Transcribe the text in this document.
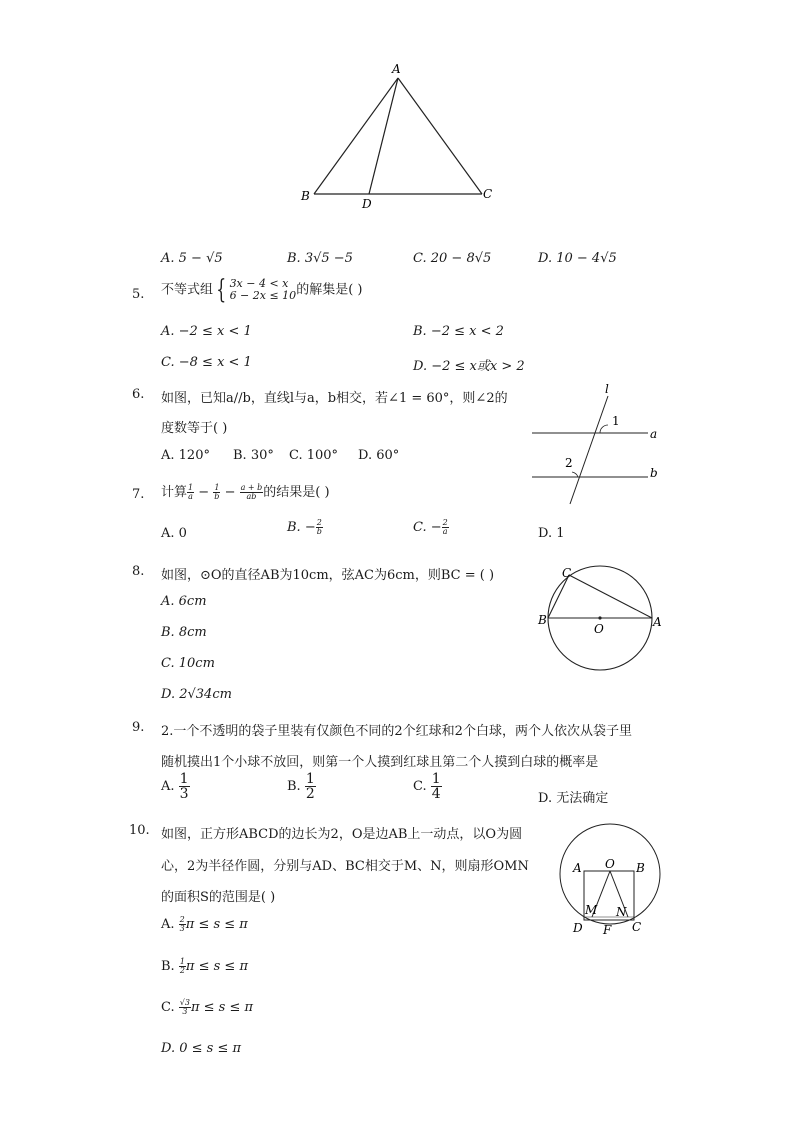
A
B	C
D
A. 5 − √5	B. 3√5 −5	C. 20 − 8√5	D. 10 − 4√5
5. 不等式组 { 3x − 4 < x
6 − 2x ≤ 10 的解集是( )
A. −2 ≤ x < 1	B. −2 ≤ x < 2
C. −8 ≤ x < 1	D. −2 ≤ x或x > 2
6. 如图，已知a//b，直线l与a，b相交，若∠1 = 60°，则∠2的
度数等于( )
A. 120° B. 30° C. 100° D. 60°
l
1
a
2
b
7. 计算 $\frac{1}{a} - \frac{1}{b} - \frac{a + b}{ab}$ 的结果是( )
A. 0	B. − $\frac{2}{b}$	C. − $\frac{2}{a}$	D. 1
8. 如图，⊙O的直径AB为10cm，弦AC为6cm，则BC = ( )
A. 6cm
B. 8cm
C. 10cm
D. 2√34cm
C
B
O	A
9. 2.一个不透明的袋子里装有仅颜色不同的2个红球和2个白球，两个人依次从袋子里
随机摸出1个小球不放回，则第一个人摸到红球且第二个人摸到白球的概率是
A. $\frac{1}{3}$	B. $\frac{1}{2}$	C. $\frac{1}{4}$	D. 无法确定
10. 如图，正方形ABCD的边长为2，O是边AB上一动点，以O为圆
心，2为半径作圆，分别与AD、BC相交于M、N，则扇形OMN
的面积S的范围是( )
A. $\frac{2}{3}$ π ≤ s ≤ π
B. $\frac{1}{2}$ π ≤ s ≤ π
C. $\frac{√3}{3}$ π ≤ s ≤ π
D. 0 ≤ s ≤ π
A O B
M N
D F C
